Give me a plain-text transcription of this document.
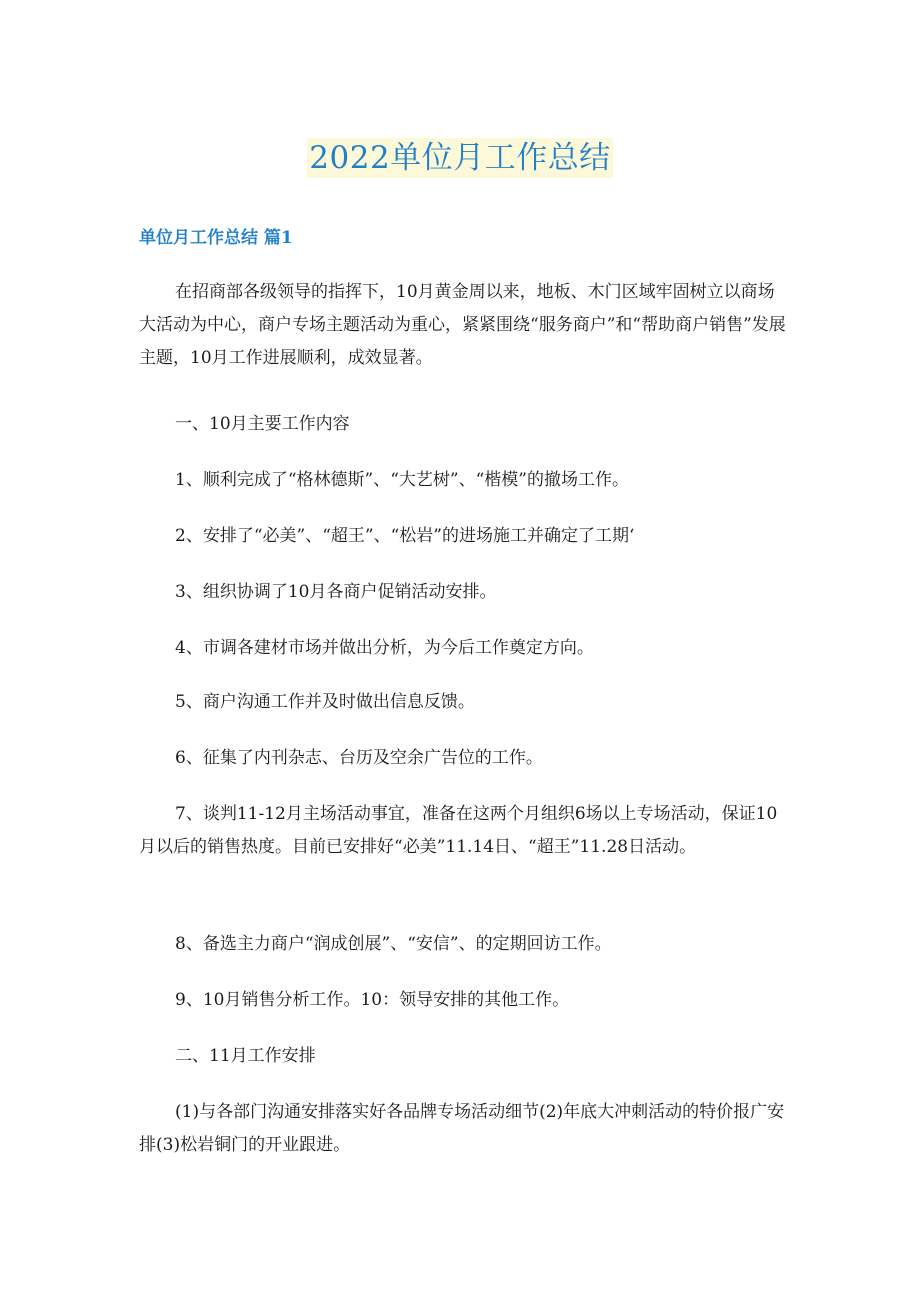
2022单位月工作总结
单位月工作总结 篇1

在招商部各级领导的指挥下，10月黄金周以来，地板、木门区域牢固树立以商场大活动为中心，商户专场主题活动为重心，紧紧围绕“服务商户”和“帮助商户销售”发展主题，10月工作进展顺利，成效显著。

一、10月主要工作内容

1、顺利完成了“格林德斯”、“大艺树”、“楷模”的撤场工作。

2、安排了“必美”、“超王”、“松岩”的进场施工并确定了工期‘

3、组织协调了10月各商户促销活动安排。

4、市调各建材市场并做出分析，为今后工作奠定方向。

5、商户沟通工作并及时做出信息反馈。

6、征集了内刊杂志、台历及空余广告位的工作。

7、谈判11-12月主场活动事宜，准备在这两个月组织6场以上专场活动，保证10月以后的销售热度。目前已安排好“必美”11.14日、“超王”11.28日活动。

8、备选主力商户“润成创展”、“安信”、的定期回访工作。

9、10月销售分析工作。10：领导安排的其他工作。

二、11月工作安排

(1)与各部门沟通安排落实好各品牌专场活动细节(2)年底大冲刺活动的特价报广安排(3)松岩铜门的开业跟进。
